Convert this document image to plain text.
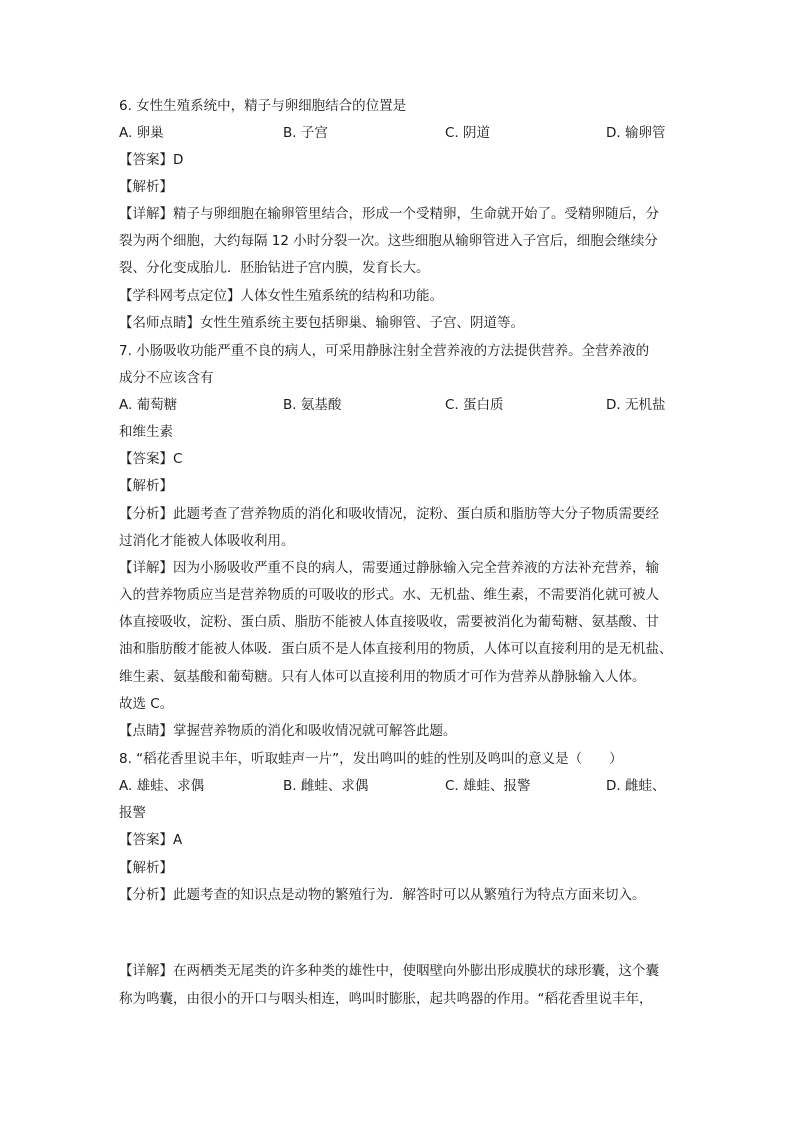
6. 女性生殖系统中，精子与卵细胞结合的位置是
A. 卵巢	B. 子宫	C. 阴道	D. 输卵管
【答案】D
【解析】
【详解】精子与卵细胞在输卵管里结合，形成一个受精卵，生命就开始了。受精卵随后，分
裂为两个细胞，大约每隔 12 小时分裂一次。这些细胞从输卵管进入子宫后，细胞会继续分
裂、分化变成胎儿．胚胎钻进子宫内膜，发育长大。
【学科网考点定位】人体女性生殖系统的结构和功能。
【名师点睛】女性生殖系统主要包括卵巢、输卵管、子宫、阴道等。
7. 小肠吸收功能严重不良的病人，可采用静脉注射全营养液的方法提供营养。全营养液的
成分不应该含有
A. 葡萄糖	B. 氨基酸	C. 蛋白质	D. 无机盐
和维生素
【答案】C
【解析】
【分析】此题考查了营养物质的消化和吸收情况，淀粉、蛋白质和脂肪等大分子物质需要经
过消化才能被人体吸收利用。
【详解】因为小肠吸收严重不良的病人，需要通过静脉输入完全营养液的方法补充营养，输
入的营养物质应当是营养物质的可吸收的形式。水、无机盐、维生素，不需要消化就可被人
体直接吸收，淀粉、蛋白质、脂肪不能被人体直接吸收，需要被消化为葡萄糖、氨基酸、甘
油和脂肪酸才能被人体吸．蛋白质不是人体直接利用的物质，人体可以直接利用的是无机盐、
维生素、氨基酸和葡萄糖。只有人体可以直接利用的物质才可作为营养从静脉输入人体。
故选 C。
【点睛】掌握营养物质的消化和吸收情况就可解答此题。
8. “稻花香里说丰年，听取蛙声一片”，发出鸣叫的蛙的性别及鸣叫的意义是（　　）
A. 雄蛙、求偶	B. 雌蛙、求偶	C. 雄蛙、报警	D. 雌蛙、
报警
【答案】A
【解析】
【分析】此题考查的知识点是动物的繁殖行为．解答时可以从繁殖行为特点方面来切入。
【详解】在两栖类无尾类的许多种类的雄性中，使咽壁向外膨出形成膜状的球形囊，这个囊
称为鸣囊，由很小的开口与咽头相连，鸣叫时膨胀，起共鸣器的作用。“稻花香里说丰年，
